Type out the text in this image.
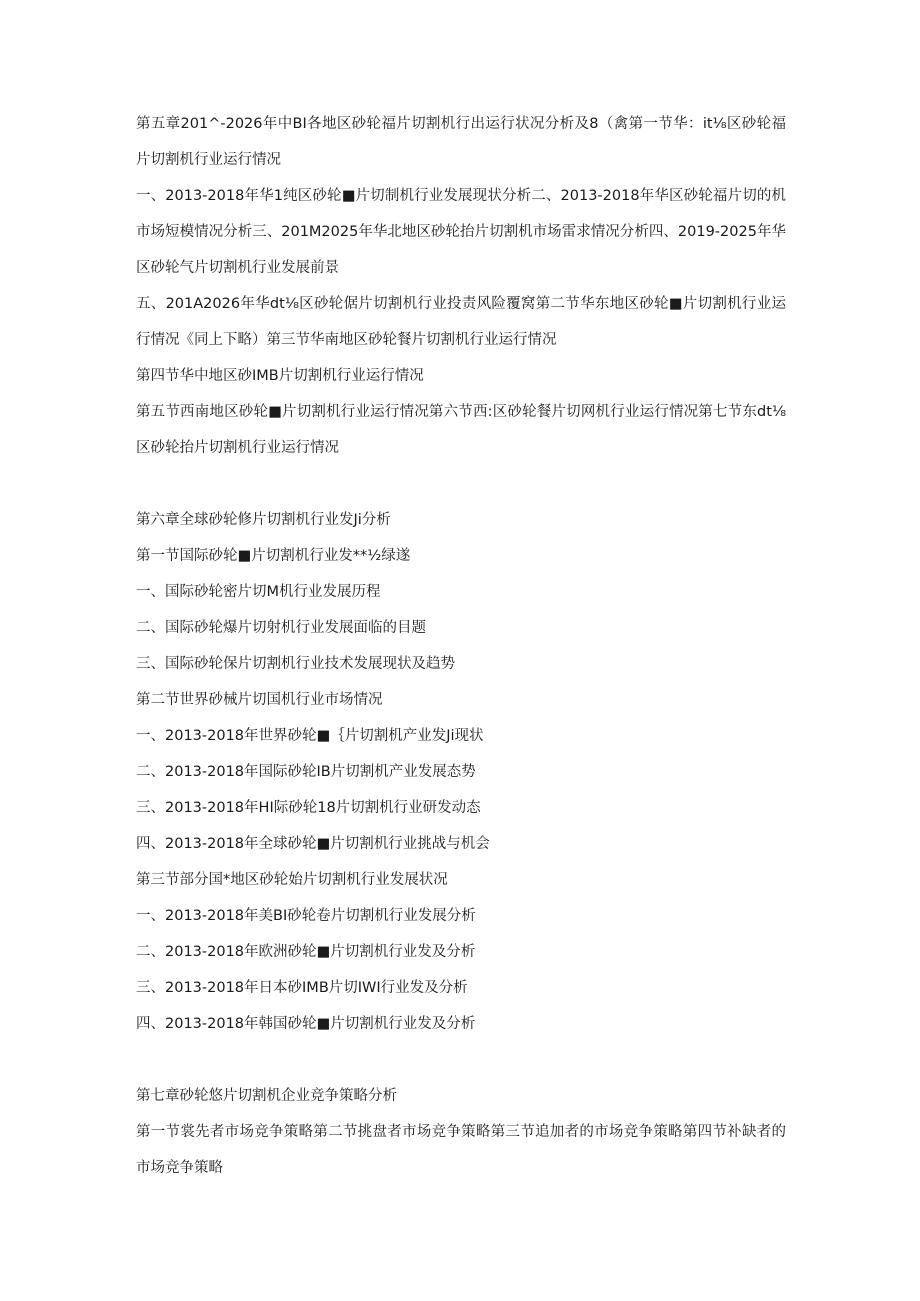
第五章201^-2026年中BI各地区砂轮福片切割机行出运行状况分析及8（禽第一节华：it⅛区砂轮福片切割机行业运行情况

一、2013-2018年华1纯区砂轮■片切制机行业发展现状分析二、2013-2018年华区砂轮福片切的机市场短模情况分析三、201M2025年华北地区砂轮抬片切割机市场雷求情况分析四、2019-2025年华区砂轮气片切割机行业发展前景

五、201A2026年华dt⅛区砂轮倨片切割机行业投责风险覆窝第二节华东地区砂轮■片切割机行业运行情况《同上下略）第三节华南地区砂轮餐片切割机行业运行情况

第四节华中地区砂IMB片切割机行业运行情况

第五节西南地区砂轮■片切割机行业运行情况第六节西:区砂轮餐片切网机行业运行情况第七节东dt⅛区砂轮抬片切割机行业运行情况

第六章全球砂轮修片切割机行业发Ji分析

第一节国际砂轮■片切割机行业发**½绿遂

一、国际砂轮密片切M机行业发展历程

二、国际砂轮爆片切射机行业发展面临的目题

三、国际砂轮保片切割机行业技术发展现状及趋势

第二节世界砂械片切国机行业市场情况

一、2013-2018年世界砂轮■｛片切割机产业发Ji现状

二、2013-2018年国际砂轮IB片切割机产业发展态势

三、2013-2018年HI际砂轮18片切割机行业研发动态

四、2013-2018年全球砂轮■片切割机行业挑战与机会

第三节部分国*地区砂轮始片切割机行业发展状况

一、2013-2018年美BI砂轮卷片切割机行业发展分析

二、2013-2018年欧洲砂轮■片切割机行业发及分析

三、2013-2018年日本砂IMB片切IWI行业发及分析

四、2013-2018年韩国砂轮■片切割机行业发及分析

第七章砂轮悠片切割机企业竞争策略分析

第一节裳先者市场竞争策略第二节挑盘者市场竞争策略第三节追加者的市场竞争策略第四节补缺者的市场竞争策略
